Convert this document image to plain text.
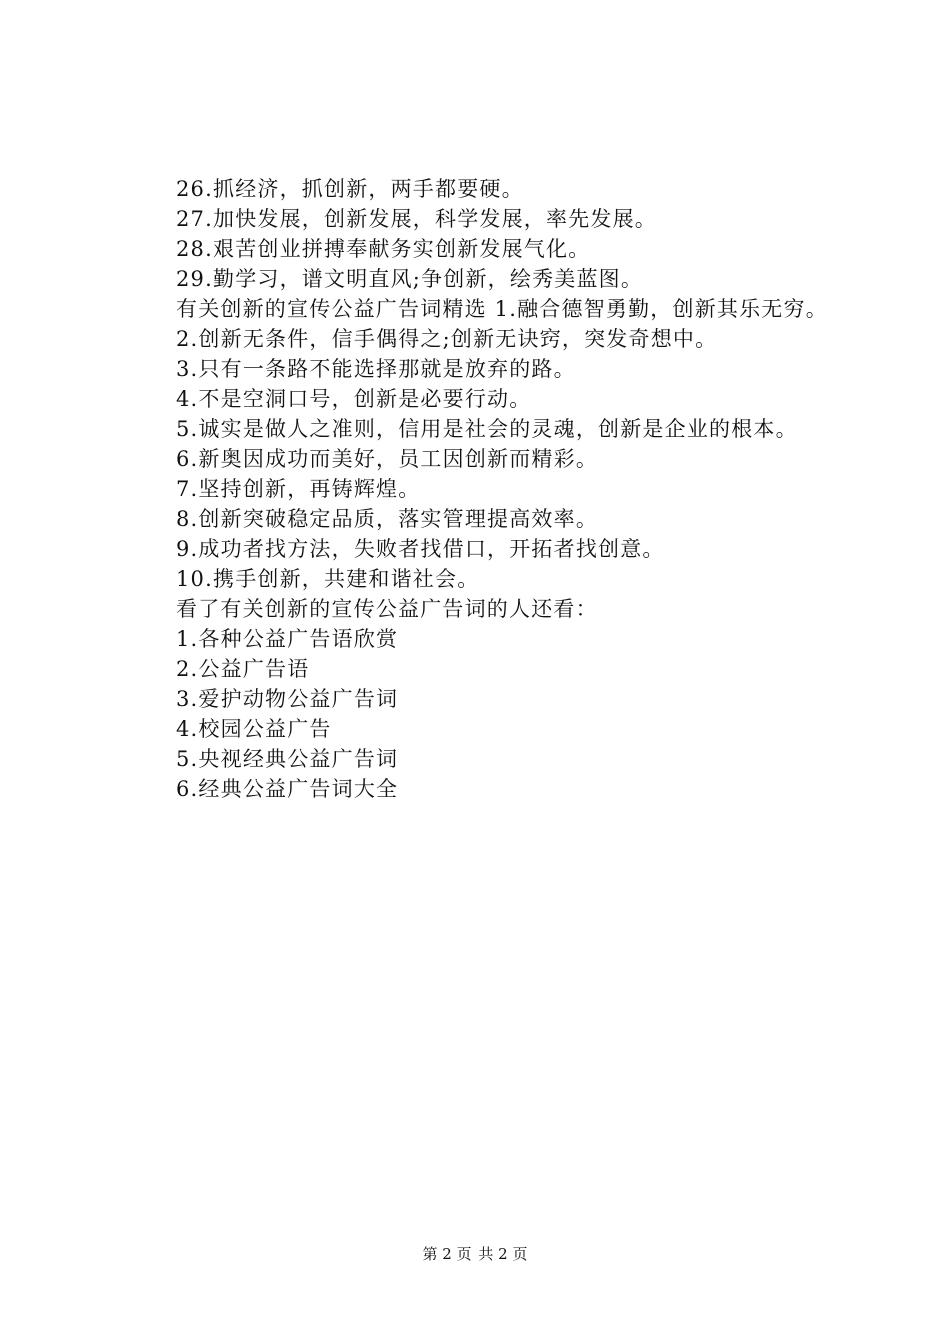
26.抓经济，抓创新，两手都要硬。
27.加快发展，创新发展，科学发展，率先发展。
28.艰苦创业拼搏奉献务实创新发展气化。
29.勤学习，谱文明直风;争创新，绘秀美蓝图。
有关创新的宣传公益广告词精选 1.融合德智勇勤，创新其乐无穷。
2.创新无条件，信手偶得之;创新无诀窍，突发奇想中。
3.只有一条路不能选择那就是放弃的路。
4.不是空洞口号，创新是必要行动。
5.诚实是做人之准则，信用是社会的灵魂，创新是企业的根本。
6.新奥因成功而美好，员工因创新而精彩。
7.坚持创新，再铸辉煌。
8.创新突破稳定品质，落实管理提高效率。
9.成功者找方法，失败者找借口，开拓者找创意。
10.携手创新，共建和谐社会。
看了有关创新的宣传公益广告词的人还看：
1.各种公益广告语欣赏
2.公益广告语
3.爱护动物公益广告词
4.校园公益广告
5.央视经典公益广告词
6.经典公益广告词大全
第 2 页 共 2 页
